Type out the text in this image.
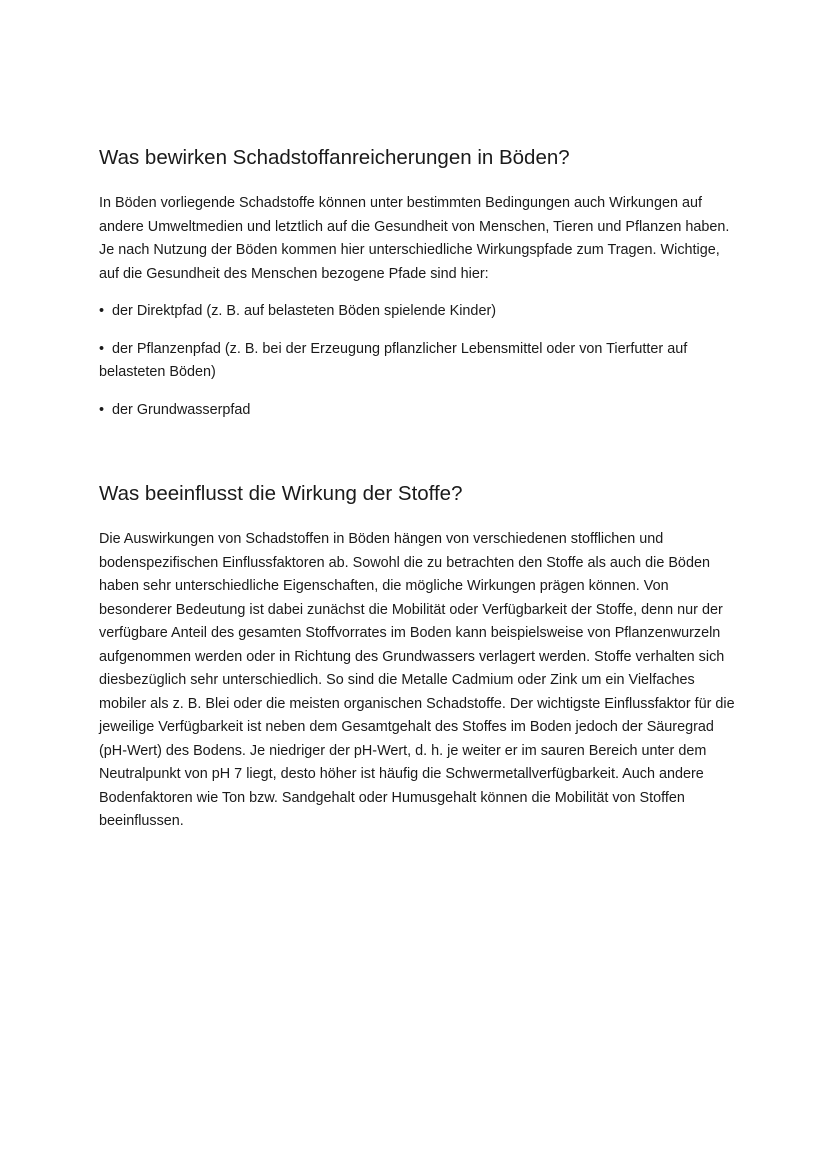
Was bewirken Schadstoffanreicherungen in Böden?

In Böden vorliegende Schadstoffe können unter bestimmten Bedingungen auch Wirkungen auf andere Umweltmedien und letztlich auf die Gesundheit von Menschen, Tieren und Pflanzen haben. Je nach Nutzung der Böden kommen hier unterschiedliche Wirkungspfade zum Tragen. Wichtige, auf die Gesundheit des Menschen bezogene Pfade sind hier:

• der Direktpfad (z. B. auf belasteten Böden spielende Kinder)
• der Pflanzenpfad (z. B. bei der Erzeugung pflanzlicher Lebensmittel oder von Tierfutter auf belasteten Böden)
• der Grundwasserpfad
Was beeinflusst die Wirkung der Stoffe?

Die Auswirkungen von Schadstoffen in Böden hängen von verschiedenen stofflichen und bodenspezifischen Einflussfaktoren ab. Sowohl die zu betrachten den Stoffe als auch die Böden haben sehr unterschiedliche Eigenschaften, die mögliche Wirkungen prägen können. Von besonderer Bedeutung ist dabei zunächst die Mobilität oder Verfügbarkeit der Stoffe, denn nur der verfügbare Anteil des gesamten Stoffvorrates im Boden kann beispielsweise von Pflanzenwurzeln aufgenommen werden oder in Richtung des Grundwassers verlagert werden. Stoffe verhalten sich diesbezüglich sehr unterschiedlich. So sind die Metalle Cadmium oder Zink um ein Vielfaches mobiler als z. B. Blei oder die meisten organischen Schadstoffe. Der wichtigste Einflussfaktor für die jeweilige Verfügbarkeit ist neben dem Gesamtgehalt des Stoffes im Boden jedoch der Säuregrad (pH-Wert) des Bodens. Je niedriger der pH-Wert, d. h. je weiter er im sauren Bereich unter dem Neutralpunkt von pH 7 liegt, desto höher ist häufig die Schwermetallverfügbarkeit. Auch andere Bodenfaktoren wie Ton bzw. Sandgehalt oder Humusgehalt können die Mobilität von Stoffen beeinflussen.
